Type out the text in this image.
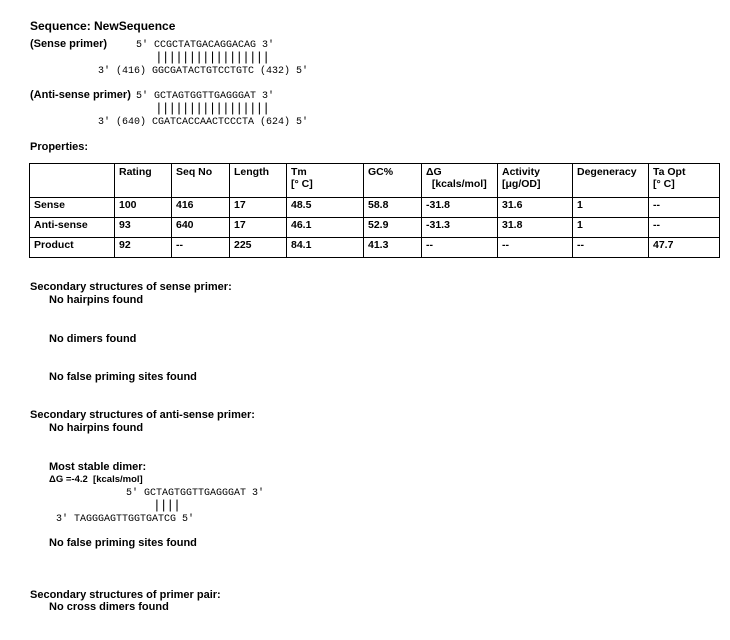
Sequence: NewSequence
(Sense primer)	5' CCGCTATGACAGGACAG 3'
|||||||||||||||||
3' (416) GGCGATACTGTCCTGTC (432) 5'
(Anti-sense primer) 5' GCTAGTGGTTGAGGGAT 3'
|||||||||||||||||
3' (640) CGATCACCAACTCCCTA (624) 5'
Properties:
	Rating	Seq No	Length	Tm
[° C]	GC%	ΔG
[kcals/mol]	Activity
[μg/OD]	Degeneracy	Ta Opt
[° C]
Sense	100	416	17	48.5	58.8	-31.8	31.6	1	--
Anti-sense	93	640	17	46.1	52.9	-31.3	31.8	1	--
Product	92	--	225	84.1	41.3	--	--	--	47.7
Secondary structures of sense primer:
No hairpins found
No dimers found
No false priming sites found
Secondary structures of anti-sense primer:
No hairpins found
Most stable dimer:
ΔG =-4.2  [kcals/mol]
5' GCTAGTGGTTGAGGGAT 3'
||||
3' TAGGGAGTTGGTGATCG 5'
No false priming sites found
Secondary structures of primer pair:
No cross dimers found
